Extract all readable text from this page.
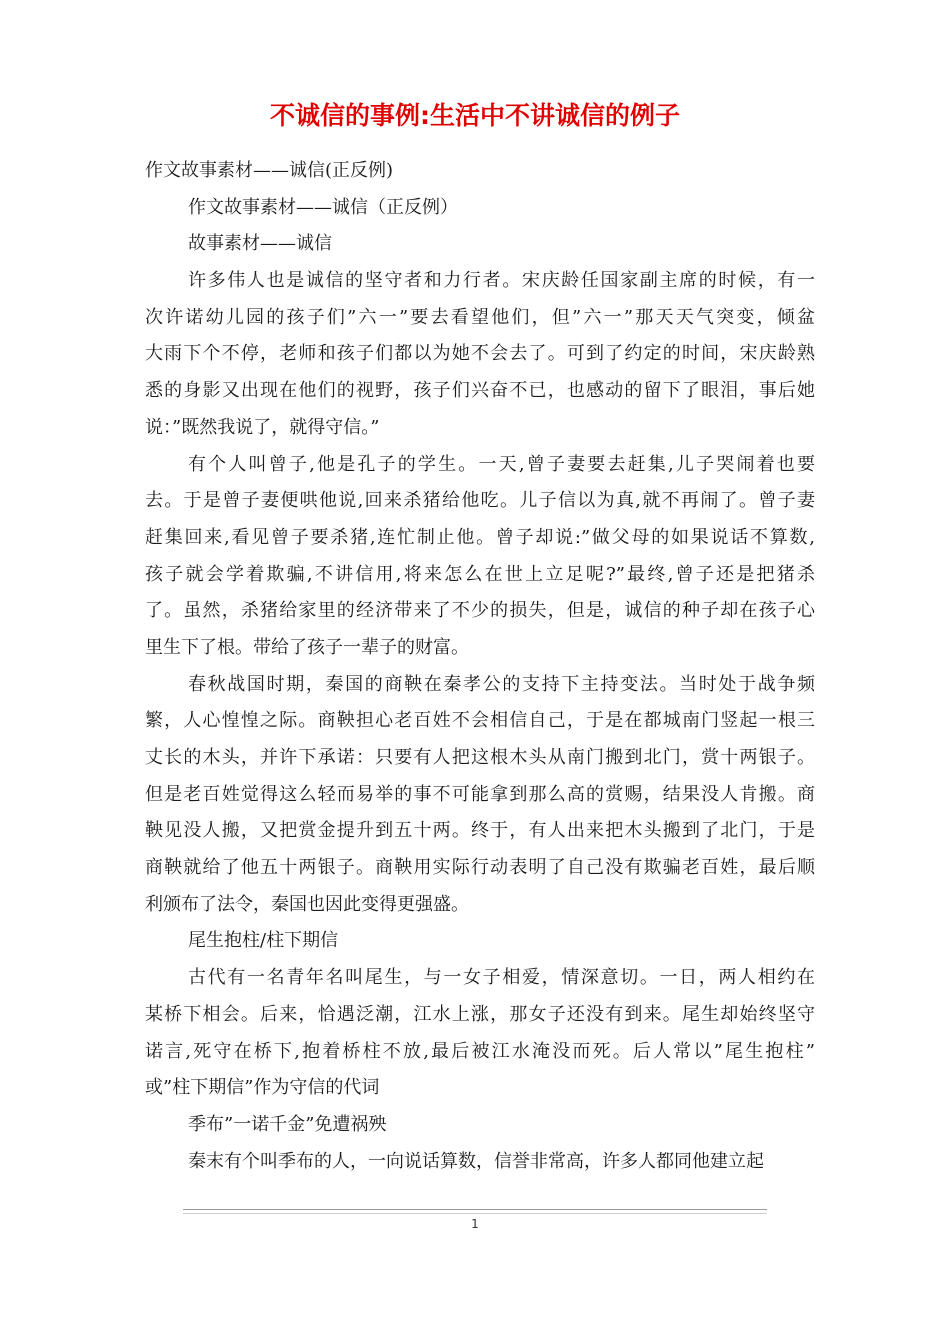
不诚信的事例:生活中不讲诚信的例子
作文故事素材——诚信(正反例)
作文故事素材——诚信（正反例）
故事素材——诚信
许多伟人也是诚信的坚守者和力行者。宋庆龄任国家副主席的时候，有一
次许诺幼儿园的孩子们”六一”要去看望他们，但”六一”那天天气突变，倾盆
大雨下个不停，老师和孩子们都以为她不会去了。可到了约定的时间，宋庆龄熟
悉的身影又出现在他们的视野，孩子们兴奋不已，也感动的留下了眼泪，事后她
说：”既然我说了，就得守信。”
有个人叫曾子,他是孔子的学生。一天,曾子妻要去赶集,儿子哭闹着也要
去。于是曾子妻便哄他说,回来杀猪给他吃。儿子信以为真,就不再闹了。曾子妻
赶集回来,看见曾子要杀猪,连忙制止他。曾子却说:”做父母的如果说话不算数,
孩子就会学着欺骗,不讲信用,将来怎么在世上立足呢?”最终,曾子还是把猪杀
了。虽然，杀猪给家里的经济带来了不少的损失，但是，诚信的种子却在孩子心
里生下了根。带给了孩子一辈子的财富。
春秋战国时期，秦国的商鞅在秦孝公的支持下主持变法。当时处于战争频
繁，人心惶惶之际。商鞅担心老百姓不会相信自己，于是在都城南门竖起一根三
丈长的木头，并许下承诺：只要有人把这根木头从南门搬到北门，赏十两银子。
但是老百姓觉得这么轻而易举的事不可能拿到那么高的赏赐，结果没人肯搬。商
鞅见没人搬，又把赏金提升到五十两。终于，有人出来把木头搬到了北门，于是
商鞅就给了他五十两银子。商鞅用实际行动表明了自己没有欺骗老百姓，最后顺
利颁布了法令，秦国也因此变得更强盛。
尾生抱柱/柱下期信
古代有一名青年名叫尾生，与一女子相爱，情深意切。一日，两人相约在
某桥下相会。后来，恰遇泛潮，江水上涨，那女子还没有到来。尾生却始终坚守
诺言,死守在桥下,抱着桥柱不放,最后被江水淹没而死。后人常以”尾生抱柱”
或”柱下期信”作为守信的代词
季布”一诺千金”免遭祸殃
秦末有个叫季布的人，一向说话算数，信誉非常高，许多人都同他建立起
1
